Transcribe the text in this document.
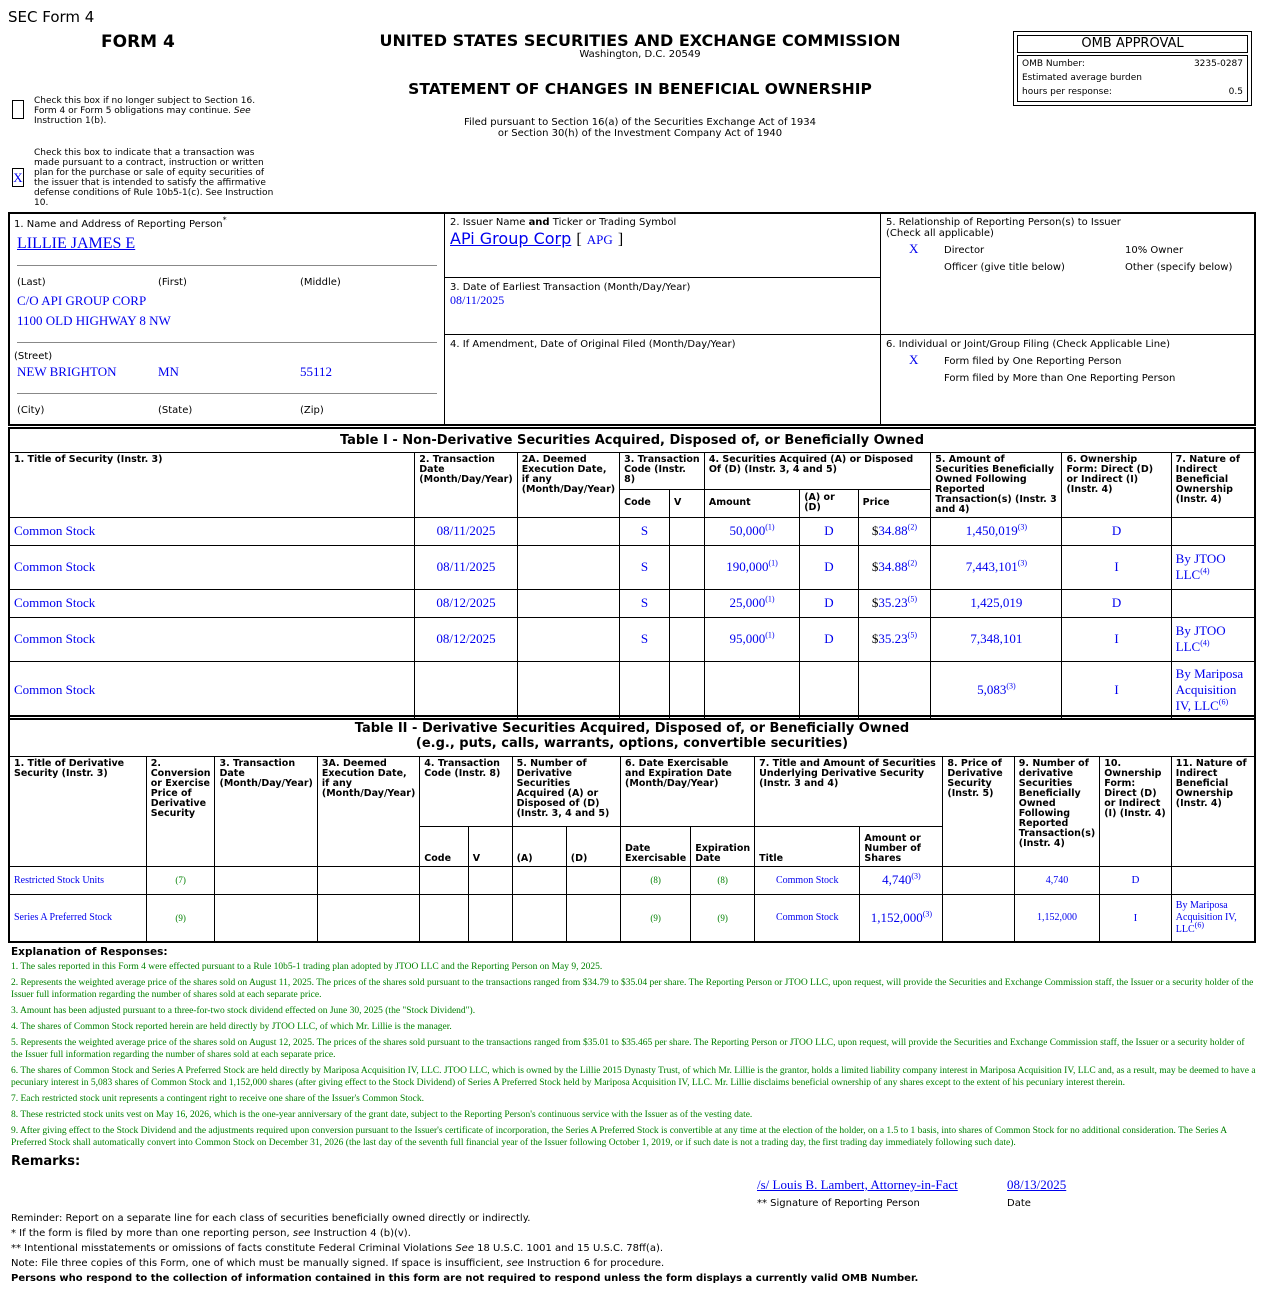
SEC Form 4
FORM 4	UNITED STATES SECURITIES AND EXCHANGE COMMISSION
Washington, D.C. 20549
STATEMENT OF CHANGES IN BENEFICIAL OWNERSHIP
Filed pursuant to Section 16(a) of the Securities Exchange Act of 1934
or Section 30(h) of the Investment Company Act of 1940
OMB APPROVAL
OMB Number:	3235-0287
Estimated average burden
hours per response:	0.5
Check this box if no longer subject to Section 16. Form 4 or Form 5 obligations may continue. See Instruction 1(b).
X
Check this box to indicate that a transaction was made pursuant to a contract, instruction or written plan for the purchase or sale of equity securities of the issuer that is intended to satisfy the affirmative defense conditions of Rule 10b5-1(c). See Instruction 10.
1. Name and Address of Reporting Person*
LILLIE JAMES E
(Last)	(First)	(Middle)
C/O API GROUP CORP
1100 OLD HIGHWAY 8 NW
(Street)
NEW BRIGHTON	MN	55112
(City)	(State)	(Zip)
2. Issuer Name and Ticker or Trading Symbol
APi Group Corp [ APG ]
3. Date of Earliest Transaction (Month/Day/Year)
08/11/2025
4. If Amendment, Date of Original Filed (Month/Day/Year)
5. Relationship of Reporting Person(s) to Issuer
(Check all applicable)
X	Director	10% Owner
Officer (give title below)	Other (specify below)
6. Individual or Joint/Group Filing (Check Applicable Line)
X	Form filed by One Reporting Person
Form filed by More than One Reporting Person
Table I - Non-Derivative Securities Acquired, Disposed of, or Beneficially Owned										
1. Title of Security (Instr. 3)	2. Transaction Date (Month/Day/Year)	2A. Deemed Execution Date, if any (Month/Day/Year)	3. Transaction Code (Instr. 8)		4. Securities Acquired (A) or Disposed Of (D) (Instr. 3, 4 and 5)			5. Amount of Securities Beneficially Owned Following Reported Transaction(s) (Instr. 3 and 4)	6. Ownership Form: Direct (D) or Indirect (I) (Instr. 4)	7. Nature of Indirect Beneficial Ownership (Instr. 4)
			Code	V	Amount	(A) or (D)	Price			
Common Stock	08/11/2025		S		50,000$^{(1)}$	D	$34.88$^{(2)}$	1,450,019$^{(3)}$	D	
Common Stock	08/11/2025		S		190,000$^{(1)}$	D	$34.88$^{(2)}$	7,443,101$^{(3)}$	I	By JTOO LLC$^{(4)}$
Common Stock	08/12/2025		S		25,000$^{(1)}$	D	$35.23$^{(5)}$	1,425,019	D	
Common Stock	08/12/2025		S		95,000$^{(1)}$	D	$35.23$^{(5)}$	7,348,101	I	By JTOO LLC$^{(4)}$
Common Stock								5,083$^{(3)}$	I	By Mariposa Acquisition IV, LLC$^{(6)}$
Table II - Derivative Securities Acquired, Disposed of, or Beneficially Owned
(e.g., puts, calls, warrants, options, convertible securities)															

1. Title of Derivative Security (Instr. 3)	2. Conversion or Exercise Price of Derivative Security	3. Transaction Date (Month/Day/Year)	3A. Deemed Execution Date, if any (Month/Day/Year)	4. Transaction Code (Instr. 8)		5. Number of Derivative Securities Acquired (A) or Disposed of (D) (Instr. 3, 4 and 5)		6. Date Exercisable and Expiration Date (Month/Day/Year)		7. Title and Amount of Securities Underlying Derivative Security (Instr. 3 and 4)		8. Price of Derivative Security (Instr. 5)	9. Number of derivative Securities Beneficially Owned Following Reported Transaction(s) (Instr. 4)	10. Ownership Form: Direct (D) or Indirect (I) (Instr. 4)	11. Nature of Indirect Beneficial Ownership (Instr. 4)
				Code	V	(A)	(D)	Date Exercisable	Expiration Date	Title	Amount or Number of Shares				
Restricted Stock Units	(7)							(8)	(8)	Common Stock	4,740$^{(3)}$		4,740	D	
Series A Preferred Stock	(9)							(9)	(9)	Common Stock	1,152,000$^{(3)}$		1,152,000	I	By Mariposa Acquisition IV, LLC$^{(6)}$
Explanation of Responses:
1. The sales reported in this Form 4 were effected pursuant to a Rule 10b5-1 trading plan adopted by JTOO LLC and the Reporting Person on May 9, 2025.
2. Represents the weighted average price of the shares sold on August 11, 2025. The prices of the shares sold pursuant to the transactions ranged from $34.79 to $35.04 per share. The Reporting Person or JTOO LLC, upon request, will provide the Securities and Exchange Commission staff, the Issuer or a security holder of the Issuer full information regarding the number of shares sold at each separate price.
3. Amount has been adjusted pursuant to a three-for-two stock dividend effected on June 30, 2025 (the "Stock Dividend").
4. The shares of Common Stock reported herein are held directly by JTOO LLC, of which Mr. Lillie is the manager.
5. Represents the weighted average price of the shares sold on August 12, 2025. The prices of the shares sold pursuant to the transactions ranged from $35.01 to $35.465 per share. The Reporting Person or JTOO LLC, upon request, will provide the Securities and Exchange Commission staff, the Issuer or a security holder of the Issuer full information regarding the number of shares sold at each separate price.
6. The shares of Common Stock and Series A Preferred Stock are held directly by Mariposa Acquisition IV, LLC. JTOO LLC, which is owned by the Lillie 2015 Dynasty Trust, of which Mr. Lillie is the grantor, holds a limited liability company interest in Mariposa Acquisition IV, LLC and, as a result, may be deemed to have a pecuniary interest in 5,083 shares of Common Stock and 1,152,000 shares (after giving effect to the Stock Dividend) of Series A Preferred Stock held by Mariposa Acquisition IV, LLC. Mr. Lillie disclaims beneficial ownership of any shares except to the extent of his pecuniary interest therein.
7. Each restricted stock unit represents a contingent right to receive one share of the Issuer's Common Stock.
8. These restricted stock units vest on May 16, 2026, which is the one-year anniversary of the grant date, subject to the Reporting Person's continuous service with the Issuer as of the vesting date.
9. After giving effect to the Stock Dividend and the adjustments required upon conversion pursuant to the Issuer's certificate of incorporation, the Series A Preferred Stock is convertible at any time at the election of the holder, on a 1.5 to 1 basis, into shares of Common Stock for no additional consideration. The Series A Preferred Stock shall automatically convert into Common Stock on December 31, 2026 (the last day of the seventh full financial year of the Issuer following October 1, 2019, or if such date is not a trading day, the first trading day immediately following such date).
Remarks:
/s/ Louis B. Lambert, Attorney-in-Fact	08/13/2025
** Signature of Reporting Person	Date
Reminder: Report on a separate line for each class of securities beneficially owned directly or indirectly.
* If the form is filed by more than one reporting person, see Instruction 4 (b)(v).
** Intentional misstatements or omissions of facts constitute Federal Criminal Violations See 18 U.S.C. 1001 and 15 U.S.C. 78ff(a).
Note: File three copies of this Form, one of which must be manually signed. If space is insufficient, see Instruction 6 for procedure.
Persons who respond to the collection of information contained in this form are not required to respond unless the form displays a currently valid OMB Number.
